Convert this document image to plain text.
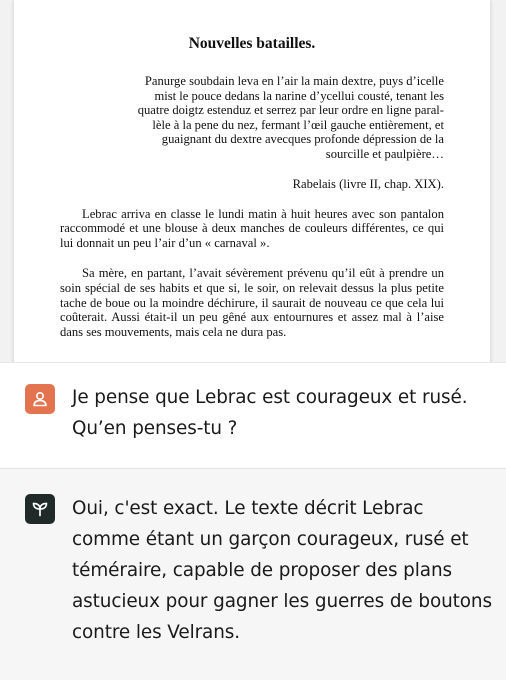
Nouvelles batailles.
Panurge soubdain leva en l’air la main dextre, puys d’icelle
mist le pouce dedans la narine d’ycellui cousté, tenant les
quatre doigtz estenduz et serrez par leur ordre en ligne paral-
lèle à la pene du nez, fermant l’œil gauche entièrement, et
guaignant du dextre avecques profonde dépression de la
sourcille et paulpière…
Rabelais (livre II, chap. XIX).

Lebrac arriva en classe le lundi matin à huit heures avec son pantalon raccommodé et une blouse à deux manches de couleurs différentes, ce qui lui donnait un peu l’air d’un « carnaval ».

Sa mère, en partant, l’avait sévèrement prévenu qu’il eût à prendre un soin spécial de ses habits et que si, le soir, on relevait dessus la plus petite tache de boue ou la moindre déchirure, il saurait de nouveau ce que cela lui coûterait. Aussi était-il un peu gêné aux entournures et assez mal à l’aise dans ses mouvements, mais cela ne dura pas.

Je pense que Lebrac est courageux et rusé. Qu’en penses-tu ?
Oui, c'est exact. Le texte décrit Lebrac comme étant un garçon courageux, rusé et téméraire, capable de proposer des plans astucieux pour gagner les guerres de boutons contre les Velrans.
